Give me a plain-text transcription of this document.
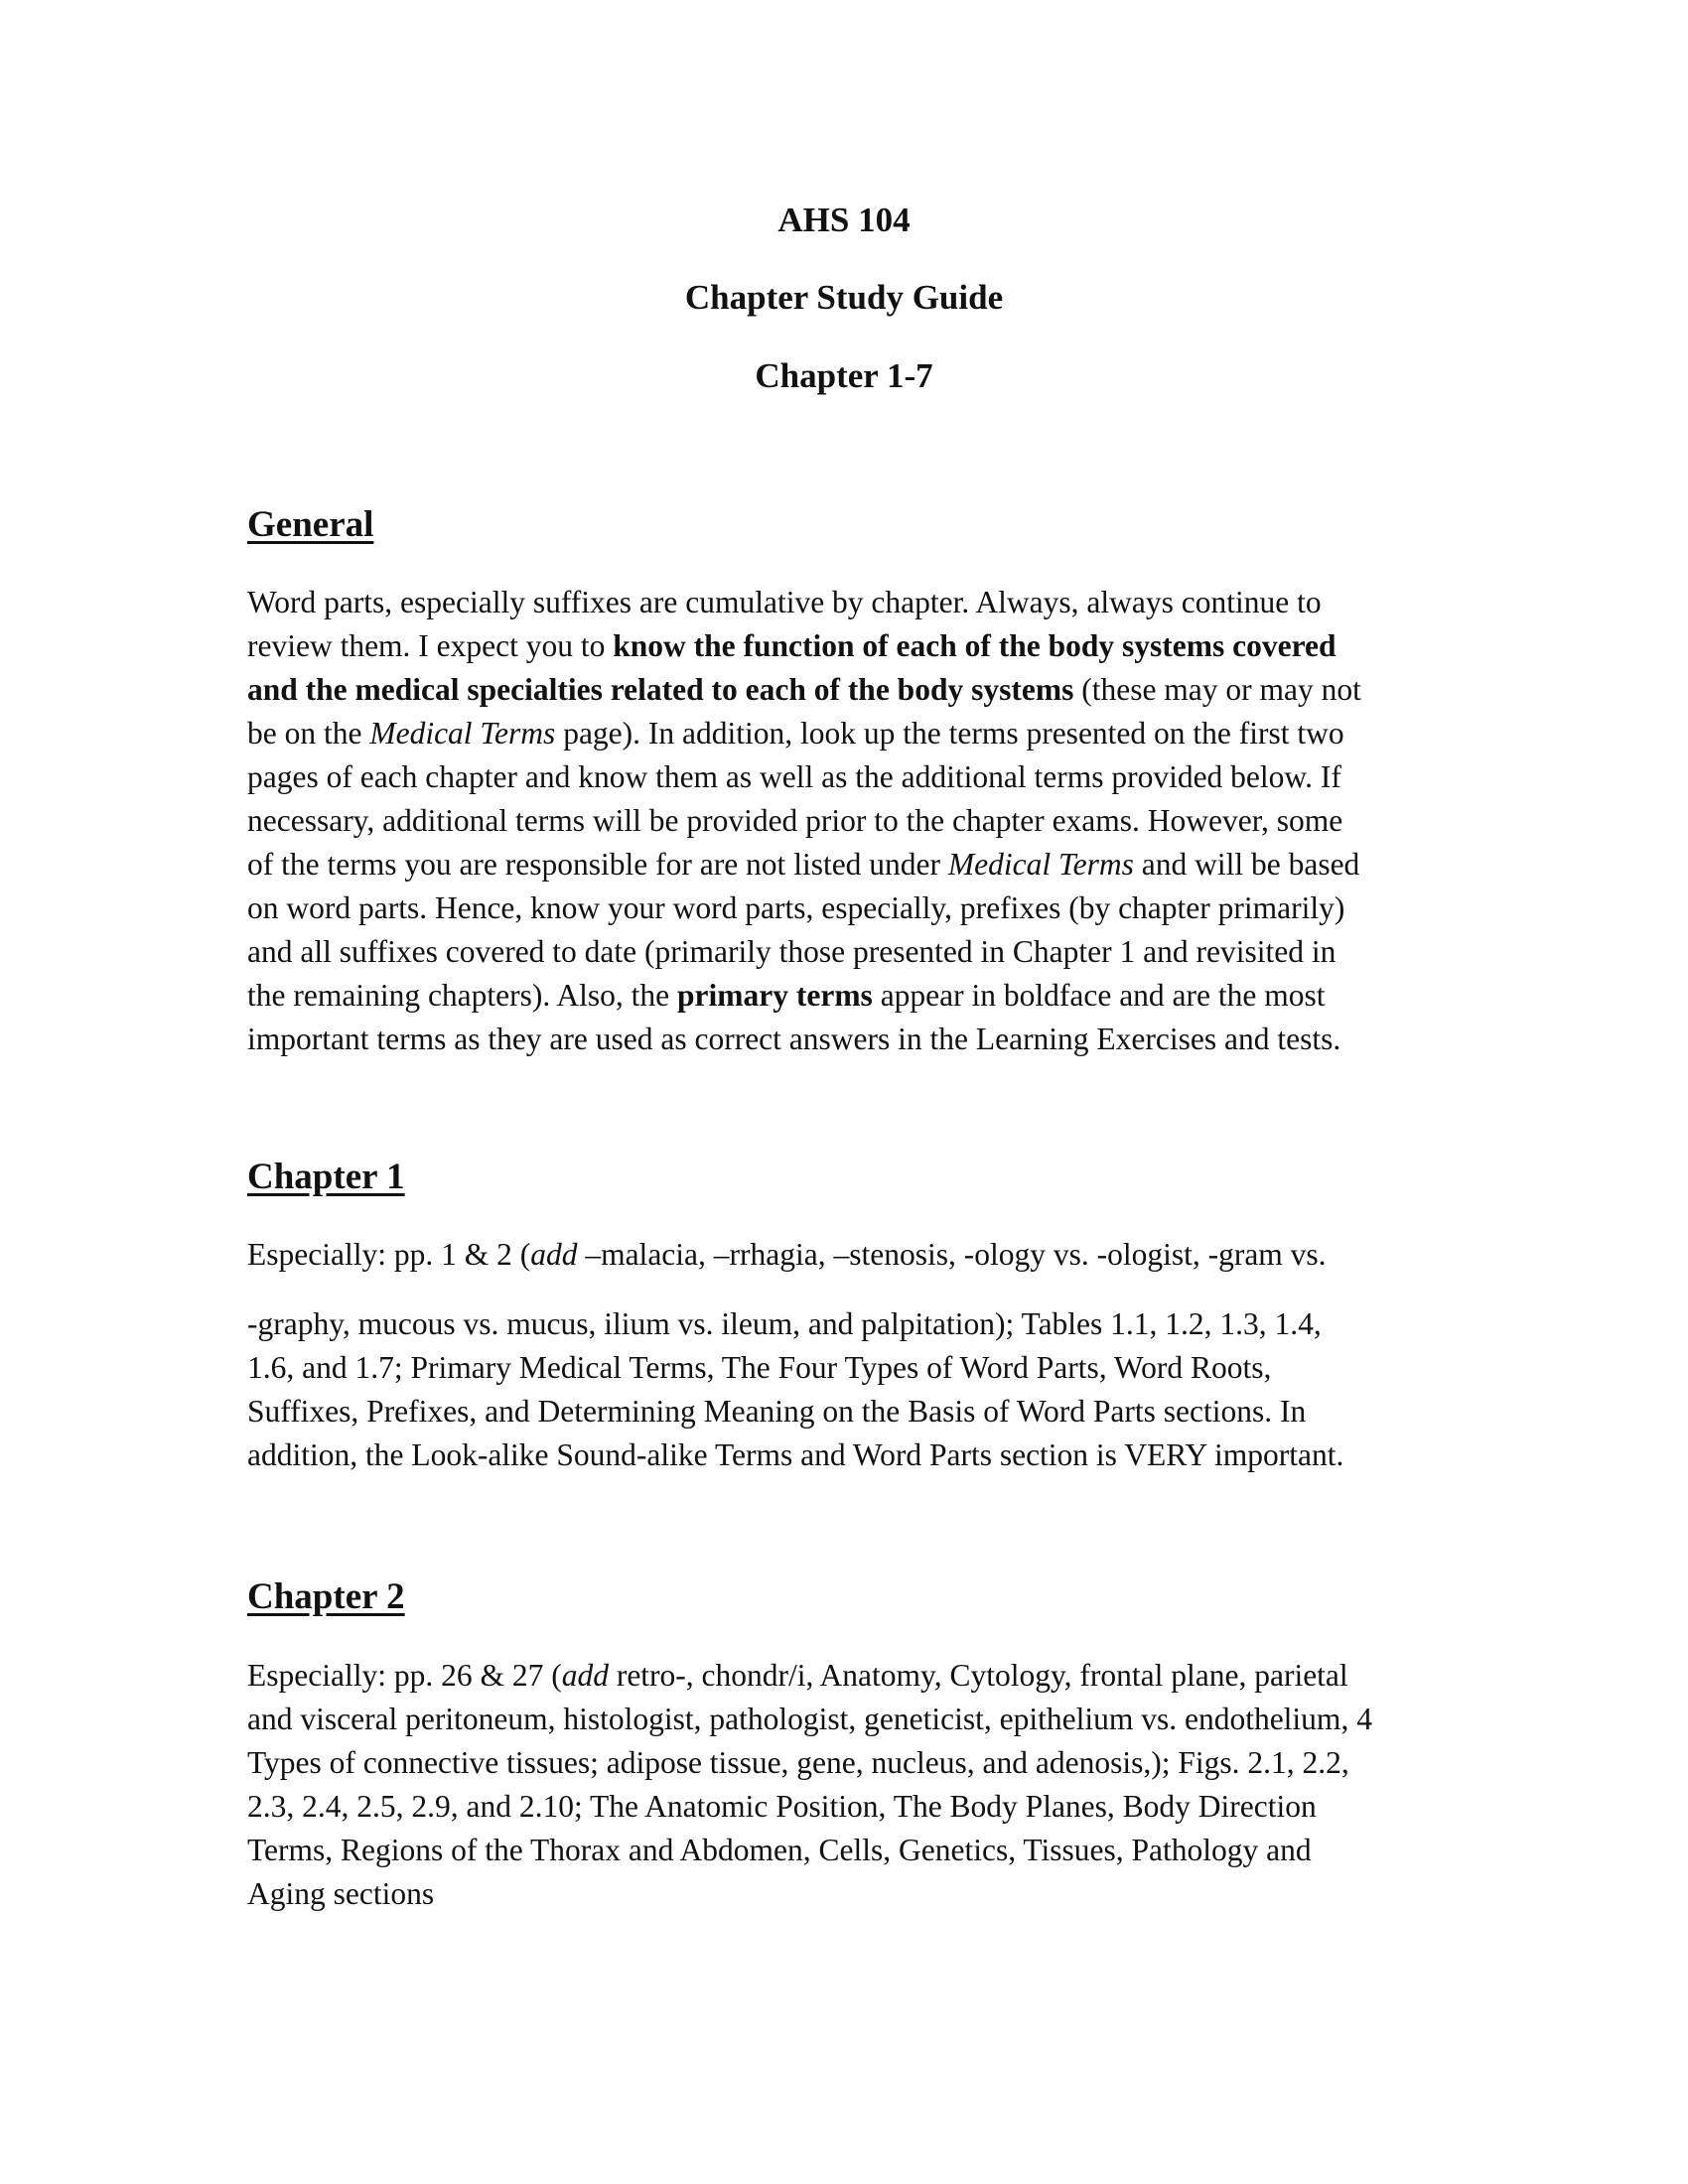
AHS 104
Chapter Study Guide
Chapter 1-7
General

Word parts, especially suffixes are cumulative by chapter. Always, always continue to
review them. I expect you to know the function of each of the body systems covered
and the medical specialties related to each of the body systems (these may or may not
be on the Medical Terms page). In addition, look up the terms presented on the first two
pages of each chapter and know them as well as the additional terms provided below. If
necessary, additional terms will be provided prior to the chapter exams. However, some
of the terms you are responsible for are not listed under Medical Terms and will be based
on word parts. Hence, know your word parts, especially, prefixes (by chapter primarily)
and all suffixes covered to date (primarily those presented in Chapter 1 and revisited in
the remaining chapters). Also, the primary terms appear in boldface and are the most
important terms as they are used as correct answers in the Learning Exercises and tests.

Chapter 1

Especially: pp. 1 & 2 (add –malacia, –rrhagia, –stenosis, -ology vs. -ologist, -gram vs.

-graphy, mucous vs. mucus, ilium vs. ileum, and palpitation); Tables 1.1, 1.2, 1.3, 1.4,
1.6, and 1.7; Primary Medical Terms, The Four Types of Word Parts, Word Roots,
Suffixes, Prefixes, and Determining Meaning on the Basis of Word Parts sections. In
addition, the Look-alike Sound-alike Terms and Word Parts section is VERY important.

Chapter 2

Especially: pp. 26 & 27 (add retro-, chondr/i, Anatomy, Cytology, frontal plane, parietal
and visceral peritoneum, histologist, pathologist, geneticist, epithelium vs. endothelium, 4
Types of connective tissues; adipose tissue, gene, nucleus, and adenosis,); Figs. 2.1, 2.2,
2.3, 2.4, 2.5, 2.9, and 2.10; The Anatomic Position, The Body Planes, Body Direction
Terms, Regions of the Thorax and Abdomen, Cells, Genetics, Tissues, Pathology and
Aging sections
